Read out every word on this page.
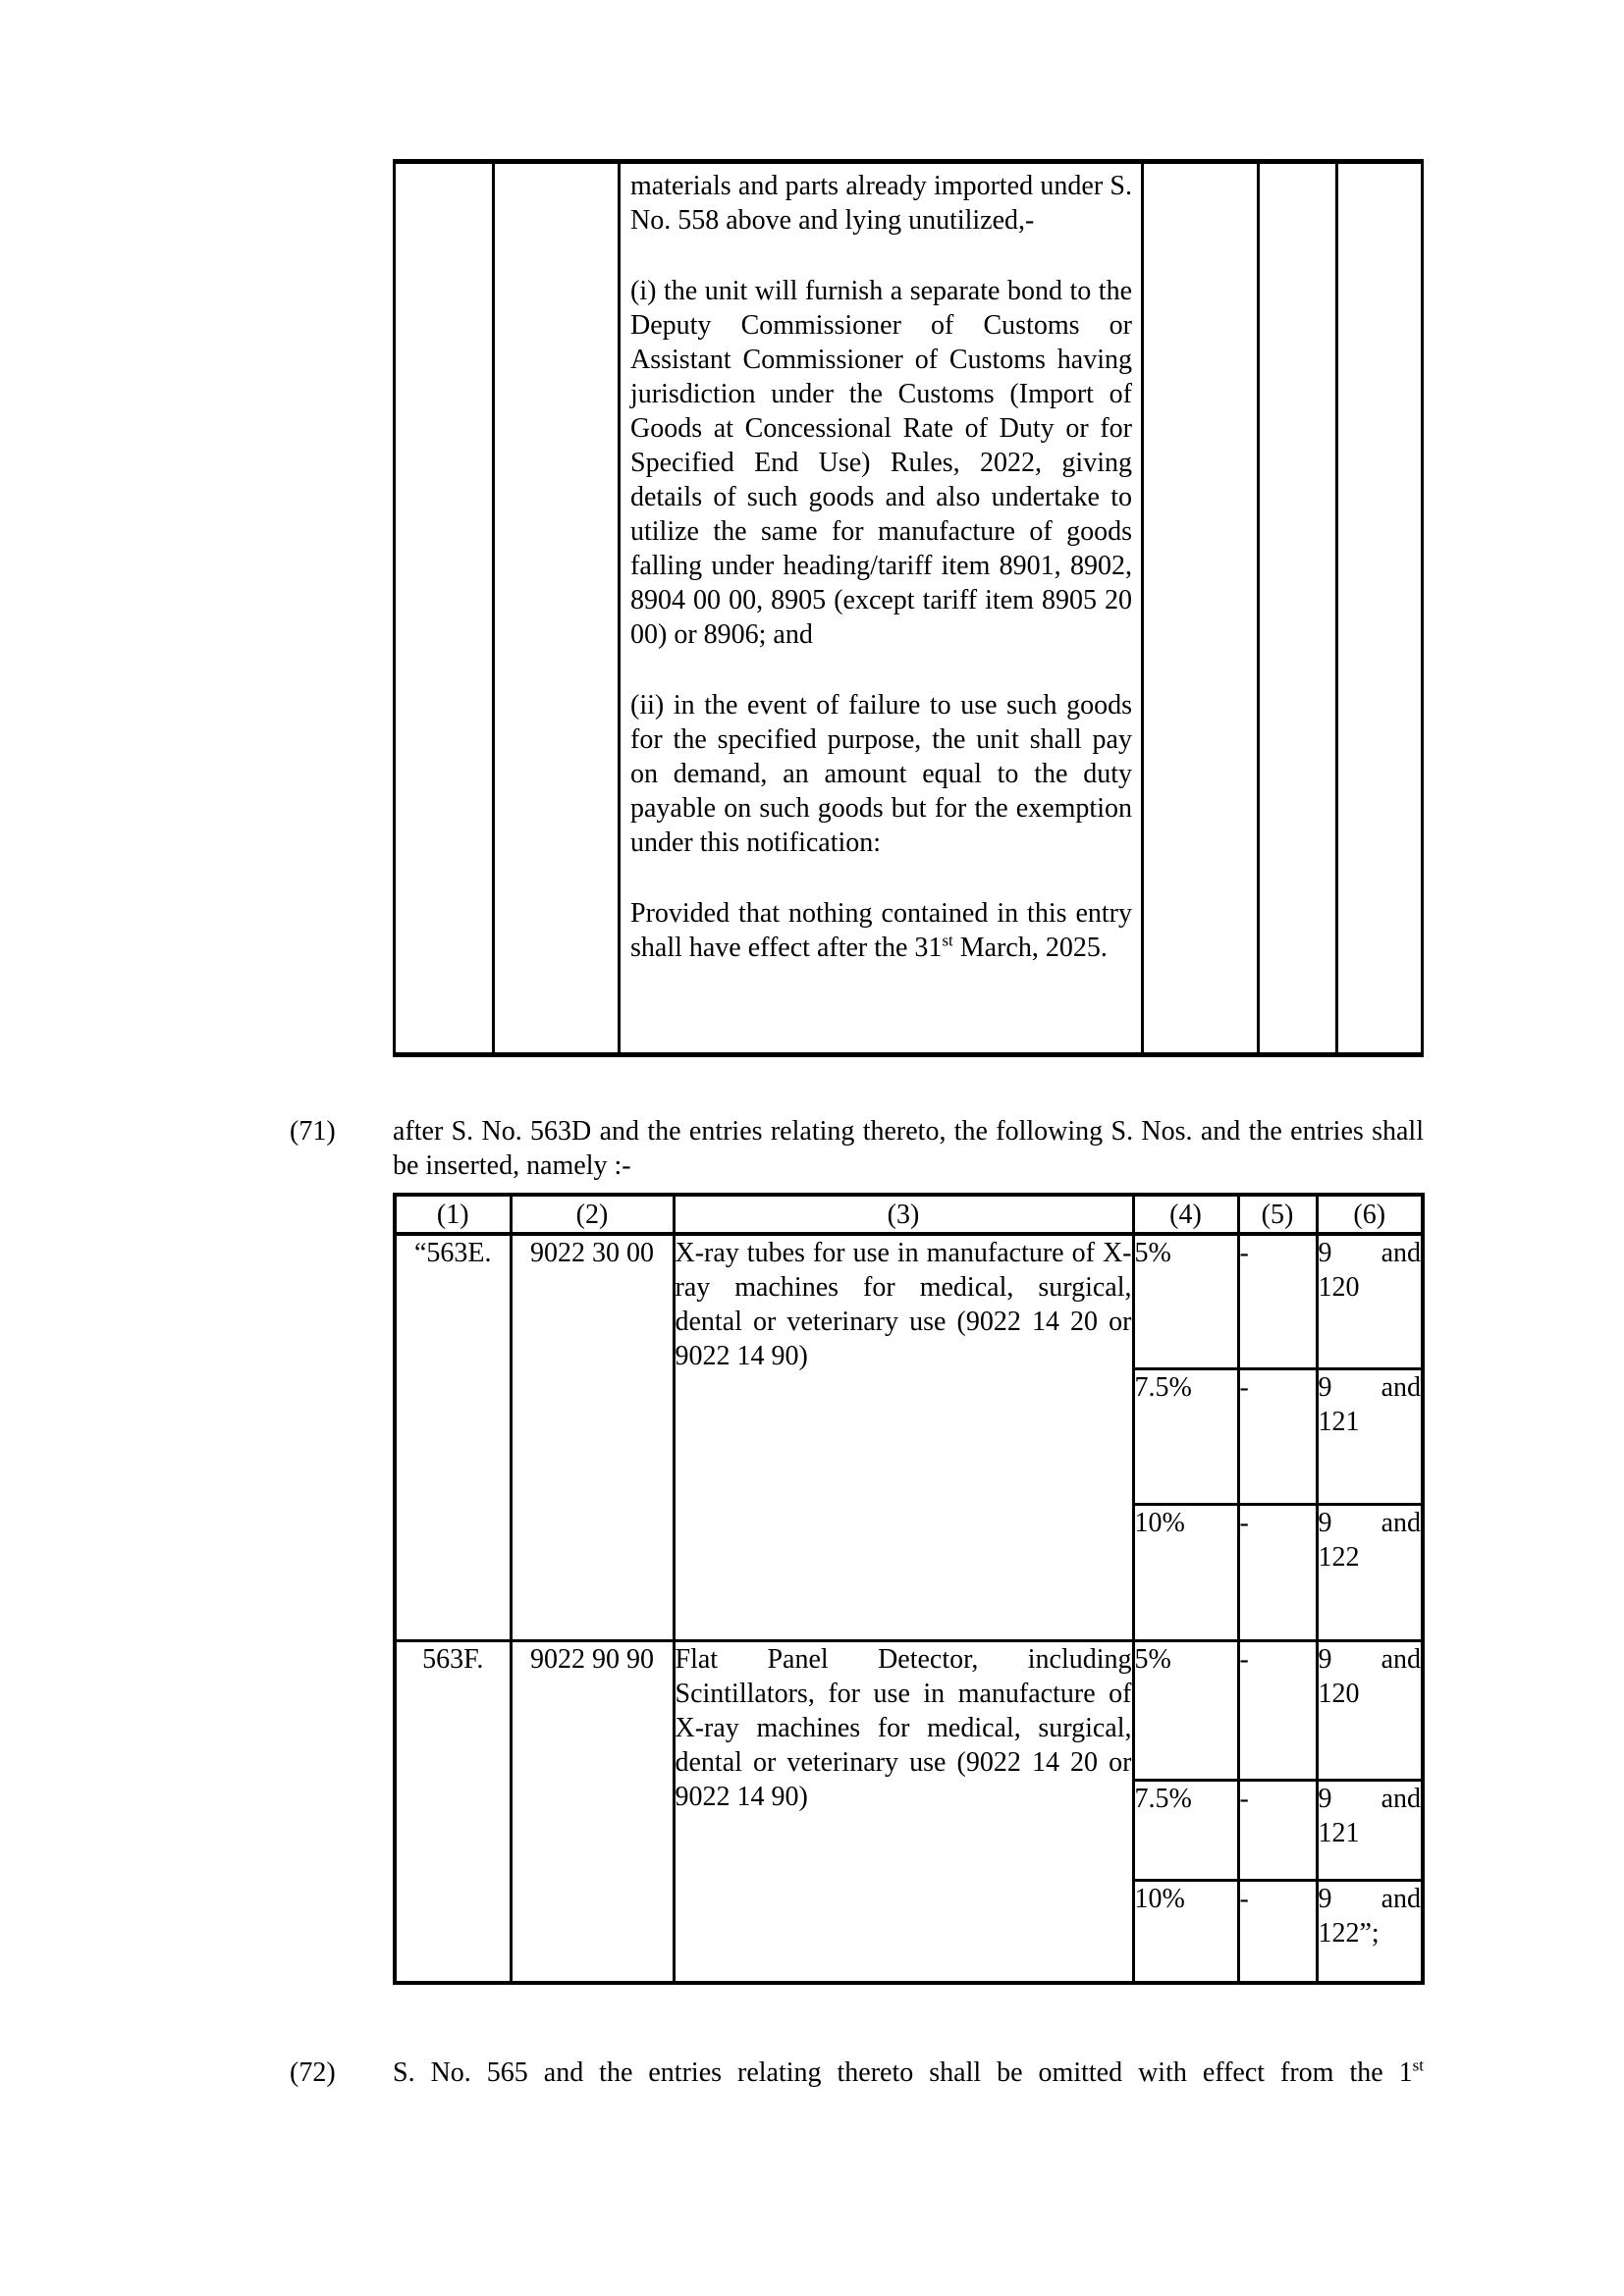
materials and parts already imported under S. No. 558 above and lying unutilized,-

(i) the unit will furnish a separate bond to the Deputy Commissioner of Customs or Assistant Commissioner of Customs having jurisdiction under the Customs (Import of Goods at Concessional Rate of Duty or for Specified End Use) Rules, 2022, giving details of such goods and also undertake to utilize the same for manufacture of goods falling under heading/tariff item 8901, 8902, 8904 00 00, 8905 (except tariff item 8905 20 00) or 8906; and

(ii) in the event of failure to use such goods for the specified purpose, the unit shall pay on demand, an amount equal to the duty payable on such goods but for the exemption under this notification:

Provided that nothing contained in this entry shall have effect after the 31st March, 2025.

(71) after S. No. 563D and the entries relating thereto, the following S. Nos. and the entries shall be inserted, namely :-
(1)	(2)	(3)	(4)	(5)	(6)
“563E.	9022 30 00	X-ray tubes for use in manufacture of X-ray machines for medical, surgical, dental or veterinary use (9022 14 20 or 9022 14 90)	5%	-	9 and 120
			7.5%	-	9 and 121
			10%	-	9 and 122
563F.	9022 90 90	Flat Panel Detector, including Scintillators, for use in manufacture of X-ray machines for medical, surgical, dental or veterinary use (9022 14 20 or 9022 14 90)	5%	-	9 and 120
			7.5%	-	9 and 121
			10%	-	9 and 122”;
(72) S. No. 565 and the entries relating thereto shall be omitted with effect from the 1st
